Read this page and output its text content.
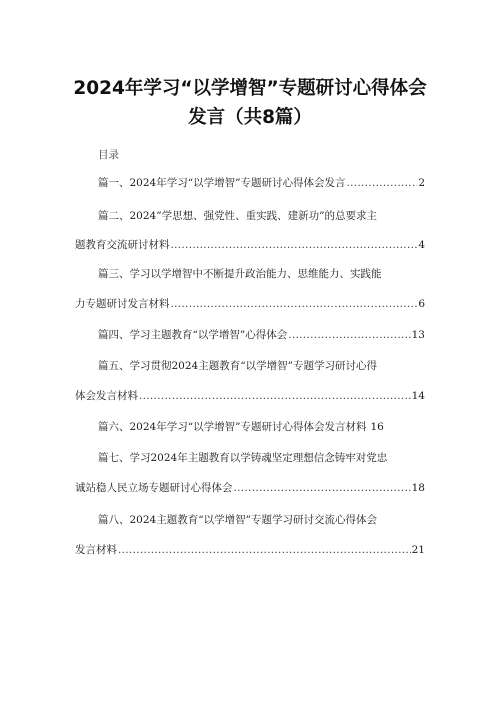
2024年学习“以学增智”专题研讨心得体会
发言（共8篇）
目录
篇一、2024年学习“以学增智”专题研讨心得体会发言 .....	2
篇二、2024”学思想、强党性、重实践、建新功”的总要求主
题教育交流研讨材料 .....	4
篇三、学习以学增智中不断提升政治能力、思维能力、实践能
力专题研讨发言材料 .....	6
篇四、学习主题教育“以学增智”心得体会 .....	13
篇五、学习贯彻2024主题教育“以学增智”专题学习研讨心得
体会发言材料 .....	14
篇六、2024年学习“以学增智”专题研讨心得体会发言材料 16
篇七、学习2024年主题教育以学铸魂坚定理想信念铸牢对党忠
诚站稳人民立场专题研讨心得体会 .....	18
篇八、2024主题教育“以学增智”专题学习研讨交流心得体会
发言材料 .....	21
